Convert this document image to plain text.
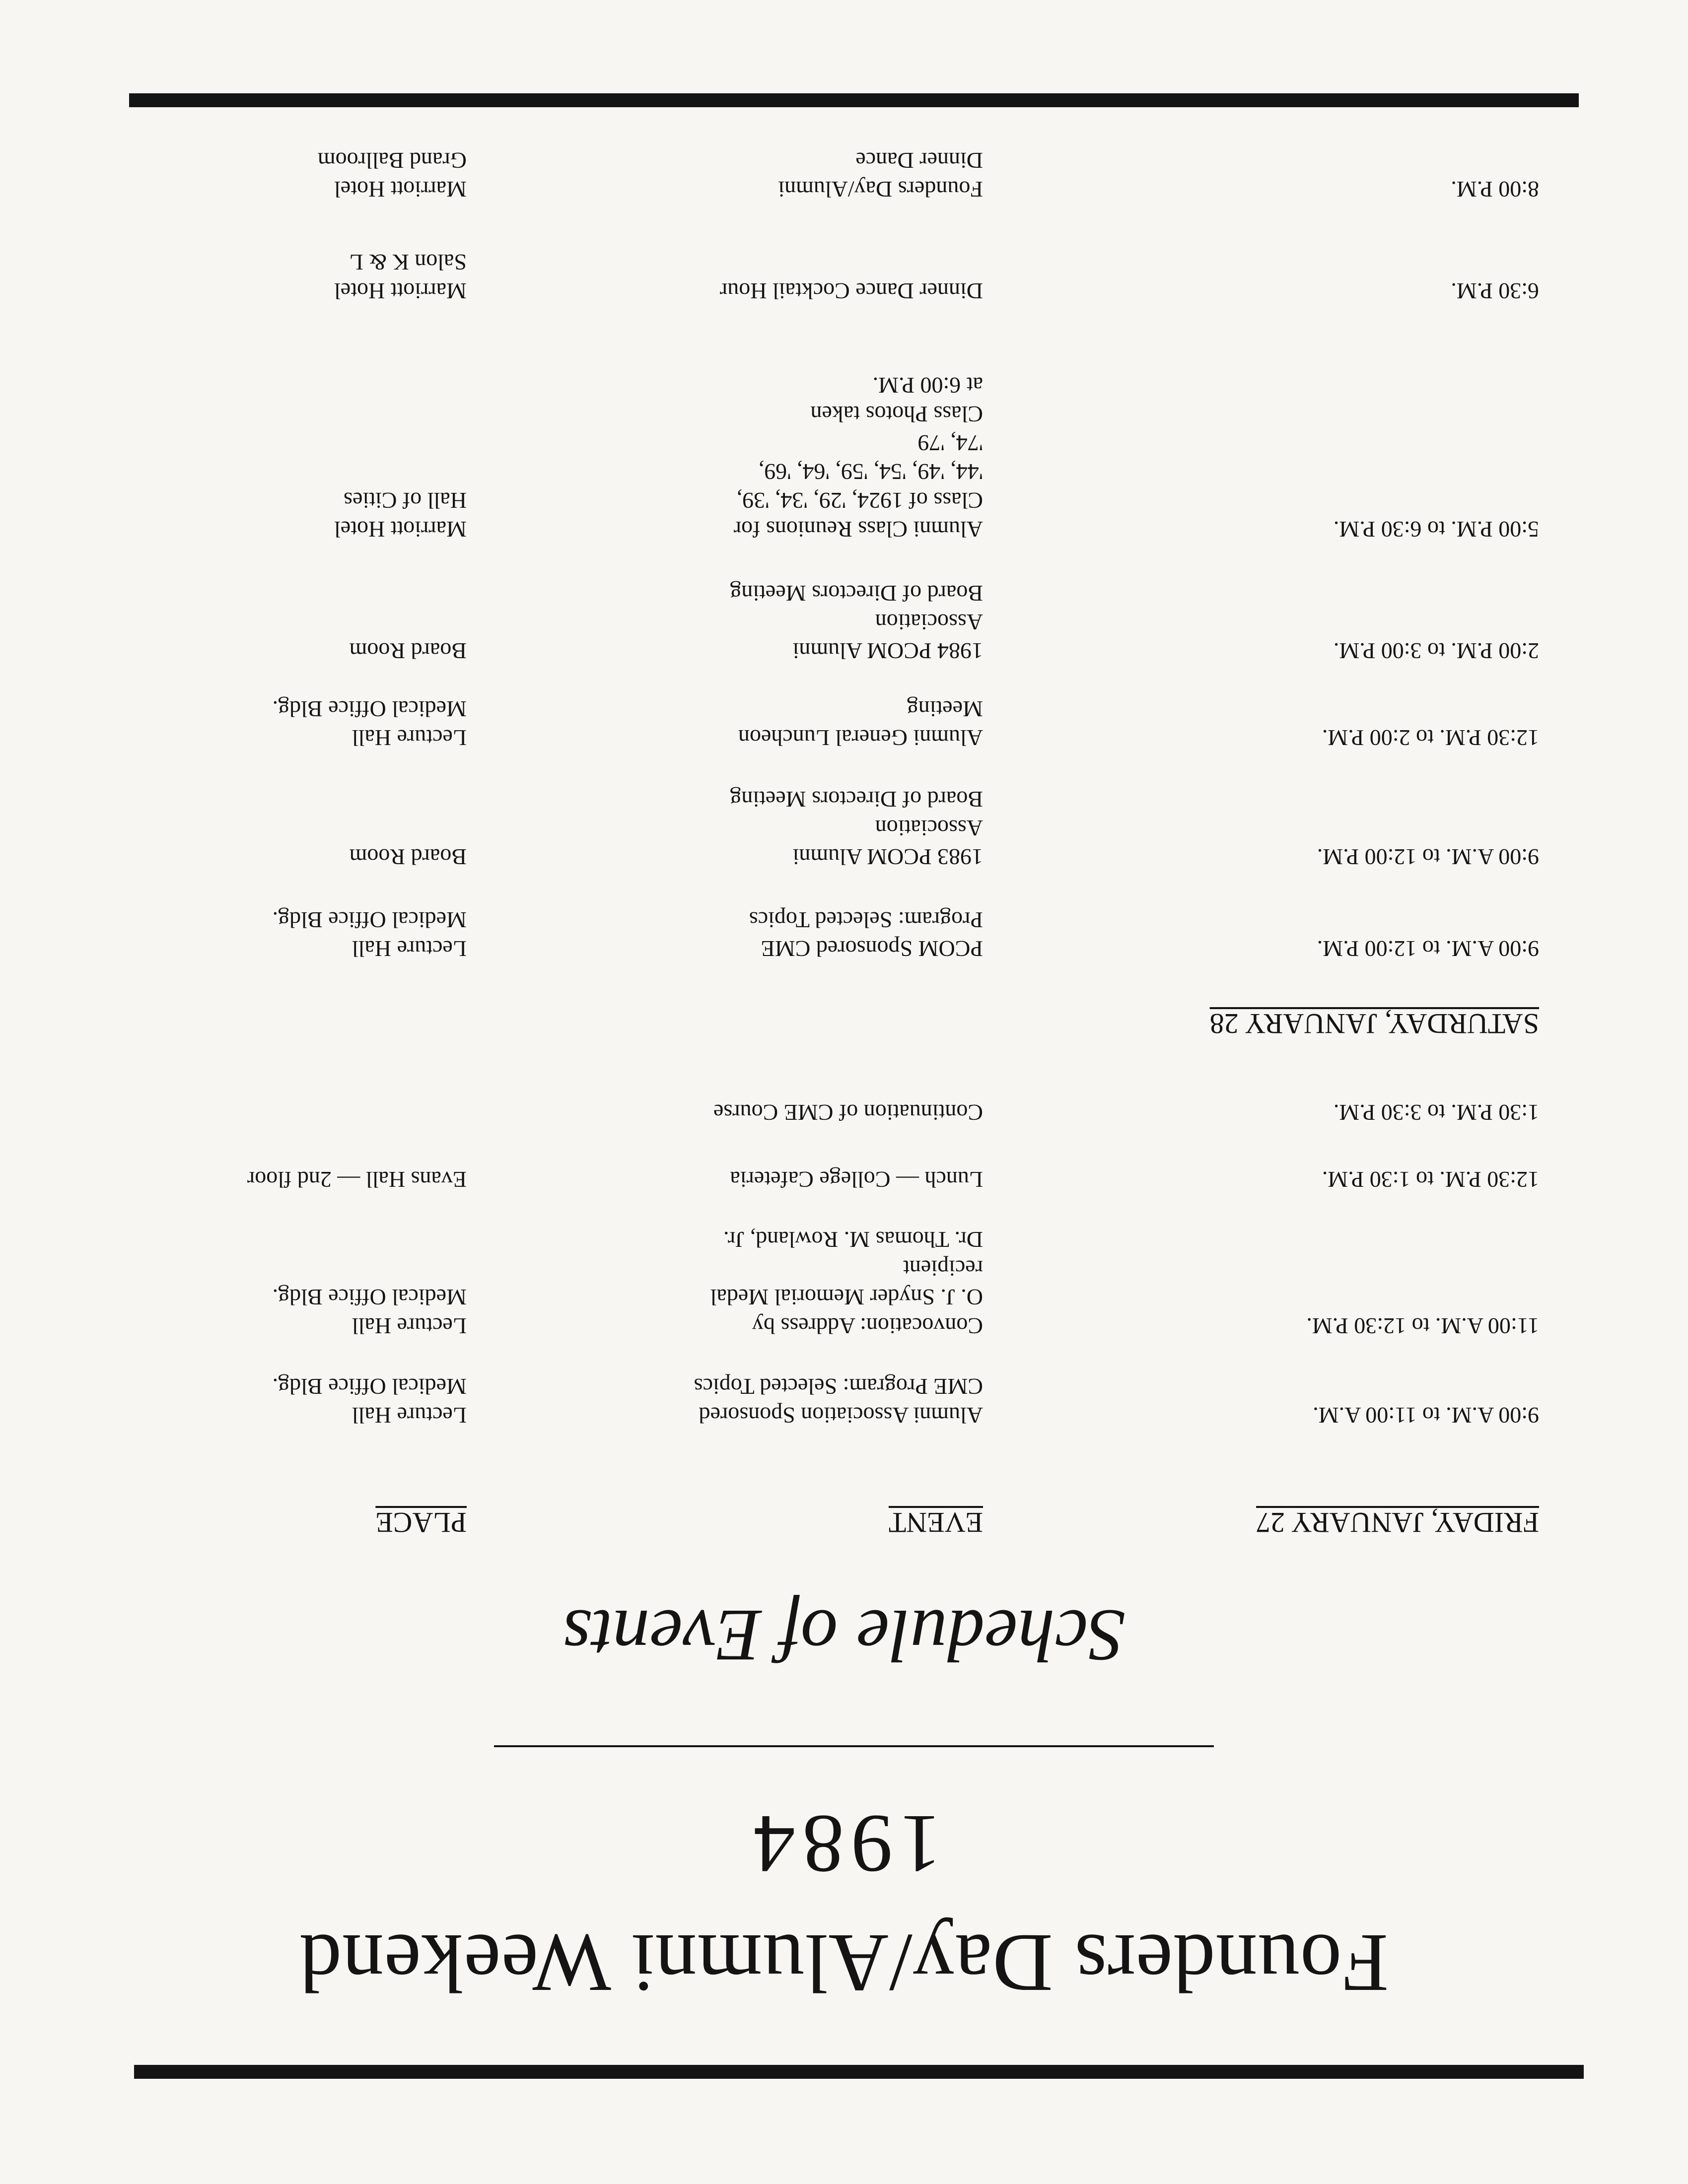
Founders Day/Alumni Weekend
1984
Schedule of Events
FRIDAY, JANUARY 27
EVENT
PLACE
9:00 A.M. to 11:00 A.M.
Alumni Association Sponsored
CME Program: Selected Topics
Lecture Hall
Medical Office Bldg.
11:00 A.M. to 12:30 P.M.
Convocation: Address by
O. J. Snyder Memorial Medal
recipient
Dr. Thomas M. Rowland, Jr.
Lecture Hall
Medical Office Bldg.
12:30 P.M. to 1:30 P.M.
Lunch — College Cafeteria
Evans Hall — 2nd floor
1:30 P.M. to 3:30 P.M.
Continuation of CME Course
SATURDAY, JANUARY 28
9:00 A.M. to 12:00 P.M.
PCOM Sponsored CME
Program: Selected Topics
Lecture Hall
Medical Office Bldg.
9:00 A.M. to 12:00 P.M.
1983 PCOM Alumni
Association
Board of Directors Meeting
Board Room
12:30 P.M. to 2:00 P.M.
Alumni General Luncheon
Meeting
Lecture Hall
Medical Office Bldg.
2:00 P.M. to 3:00 P.M.
1984 PCOM Alumni
Association
Board of Directors Meeting
Board Room
5:00 P.M. to 6:30 P.M.
Alumni Class Reunions for
Class of 1924, '29, '34, '39,
'44, '49, '54, '59, '64, '69,
'74, '79
Class Photos taken
at 6:00 P.M.
Marriott Hotel
Hall of Cities
6:30 P.M.
Dinner Dance Cocktail Hour
Marriott Hotel
Salon K & L
8:00 P.M.
Founders Day/Alumni
Dinner Dance
Marriott Hotel
Grand Ballroom
